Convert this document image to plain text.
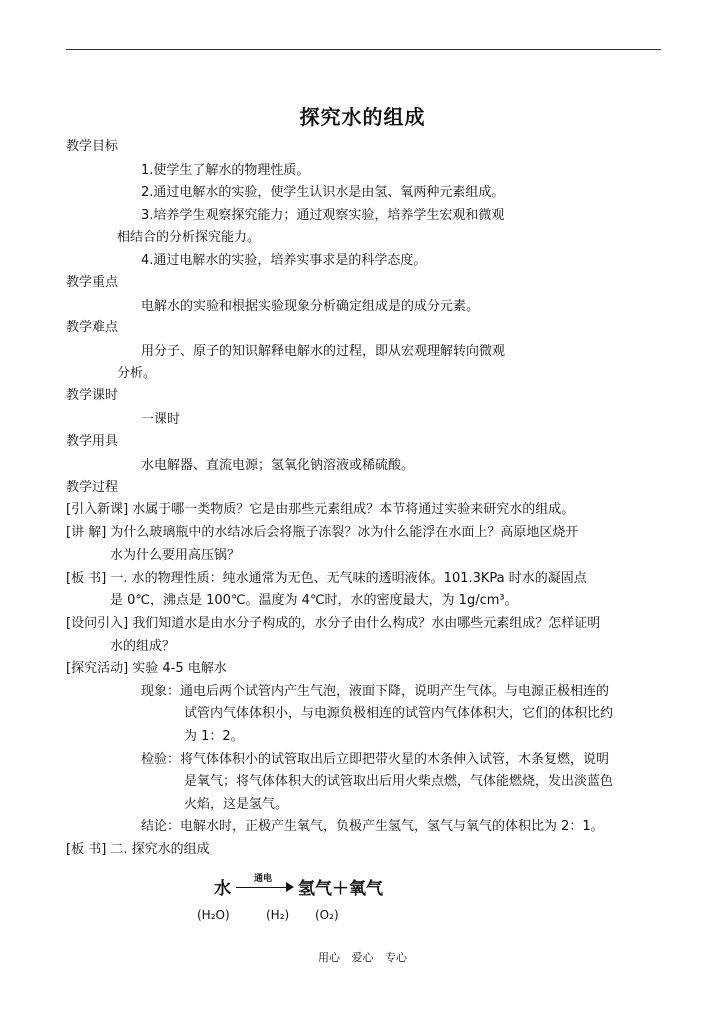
探究水的组成
教学目标
1.使学生了解水的物理性质。
2.通过电解水的实验，使学生认识水是由氢、氧两种元素组成。
3.培养学生观察探究能力；通过观察实验，培养学生宏观和微观
相结合的分析探究能力。
4.通过电解水的实验，培养实事求是的科学态度。
教学重点
电解水的实验和根据实验现象分析确定组成是的成分元素。
教学难点
用分子、原子的知识解释电解水的过程，即从宏观理解转向微观
分析。
教学课时
一课时
教学用具
水电解器、直流电源；氢氧化钠溶液或稀硫酸。
教学过程
[引入新课] 水属于哪一类物质？它是由那些元素组成？本节将通过实验来研究水的组成。
[讲 解] 为什么玻璃瓶中的水结冰后会将瓶子冻裂？冰为什么能浮在水面上？高原地区烧开
水为什么要用高压锅？
[板 书] 一. 水的物理性质：纯水通常为无色、无气味的透明液体。101.3KPa 时水的凝固点
是 0℃，沸点是 100℃。温度为 4℃时，水的密度最大，为 1g/cm³。
[设问引入] 我们知道水是由水分子构成的，水分子由什么构成？水由哪些元素组成？怎样证明
水的组成？
[探究活动] 实验 4-5 电解水
现象：通电后两个试管内产生气泡，液面下降，说明产生气体。与电源正极相连的
试管内气体体积小，与电源负极相连的试管内气体体积大，它们的体积比约
为 1：2。
检验：将气体体积小的试管取出后立即把带火星的木条伸入试管，木条复燃，说明
是氧气；将气体体积大的试管取出后用火柴点燃，气体能燃烧，发出淡蓝色
火焰，这是氢气。
结论：电解水时，正极产生氧气，负极产生氢气，氢气与氧气的体积比为 2：1。
[板 书] 二. 探究水的组成
水	通电 氢气＋氧气
(H₂O)	(H₂) (O₂)
用心 爱心 专心
